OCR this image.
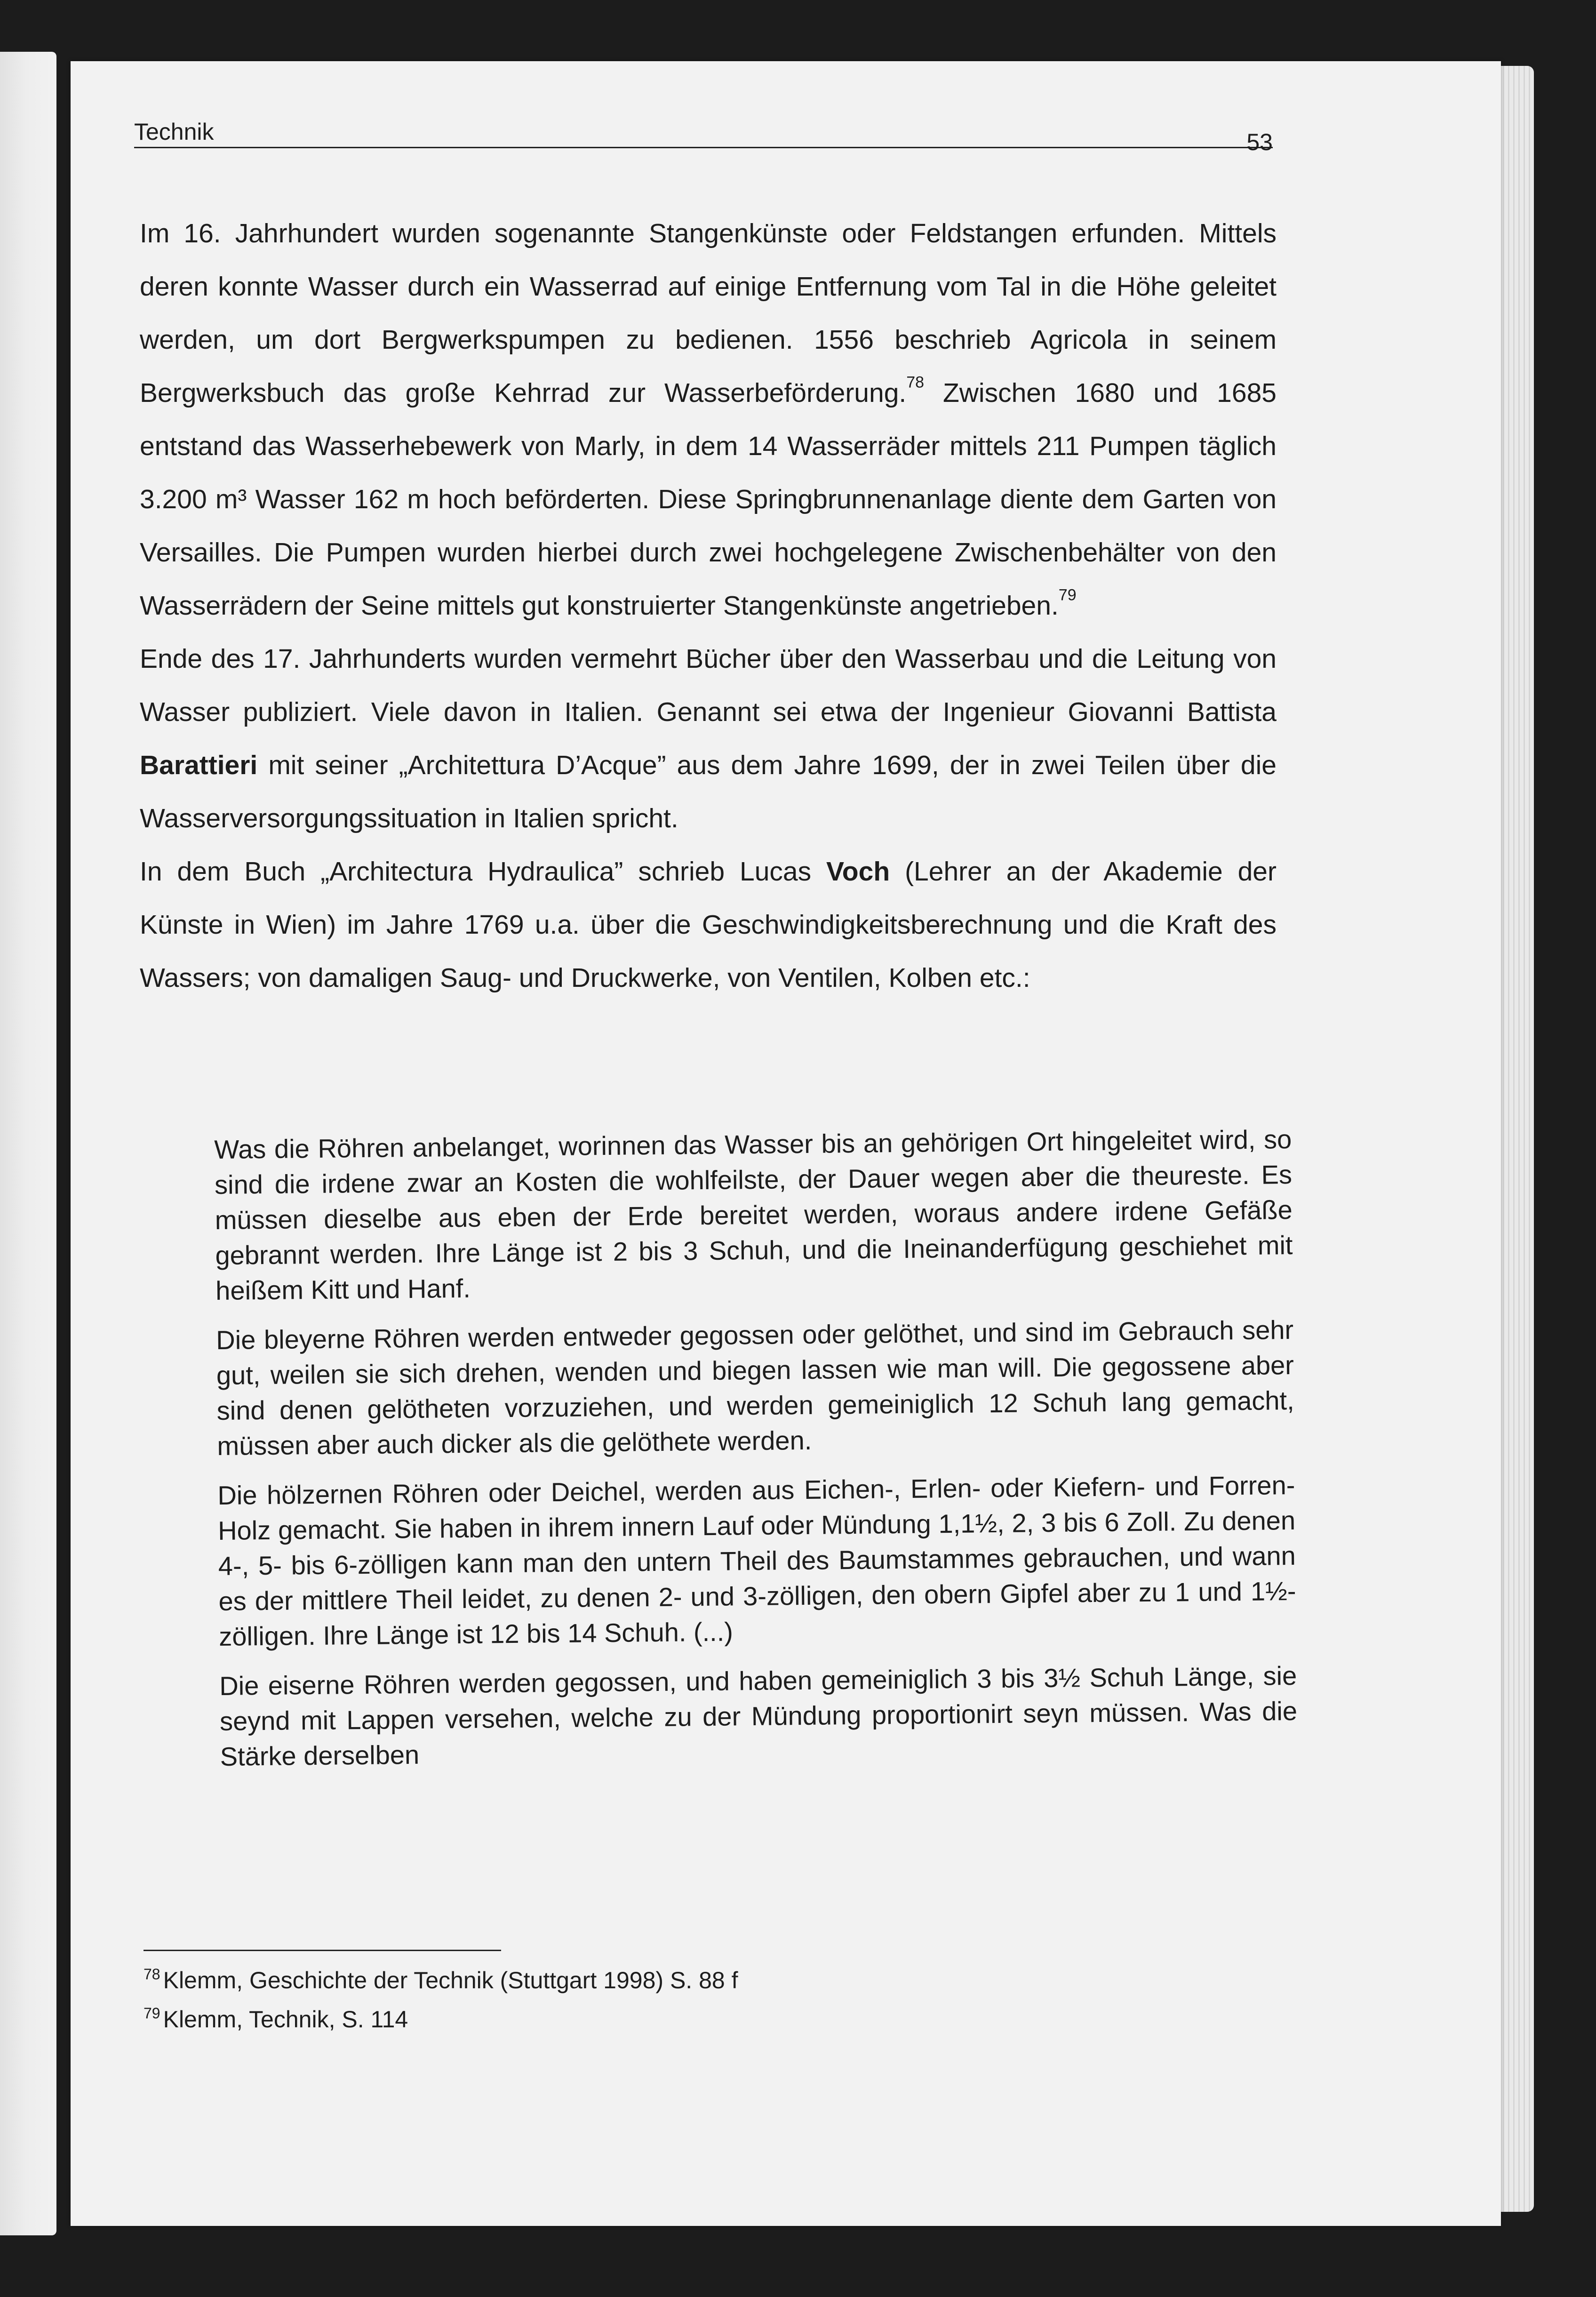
Technik	53

Im 16. Jahrhundert wurden sogenannte Stangenkünste oder Feldstangen erfunden. Mittels deren konnte Wasser durch ein Wasserrad auf einige Entfernung vom Tal in die Höhe geleitet werden, um dort Bergwerkspumpen zu bedienen. 1556 beschrieb Agricola in seinem Bergwerksbuch das große Kehrrad zur Wasserbeförderung.$^{78}$ Zwischen 1680 und 1685 entstand das Wasserhebewerk von Marly, in dem 14 Wasserräder mittels 211 Pumpen täglich 3.200 m³ Wasser 162 m hoch beförderten. Diese Springbrunnenanlage diente dem Garten von Versailles. Die Pumpen wurden hierbei durch zwei hochgelegene Zwischenbehälter von den Wasserrädern der Seine mittels gut konstruierter Stangenkünste angetrieben.$^{79}$

Ende des 17. Jahrhunderts wurden vermehrt Bücher über den Wasserbau und die Leitung von Wasser publiziert. Viele davon in Italien. Genannt sei etwa der Ingenieur Giovanni Battista Barattieri mit seiner „Architettura D’Acque” aus dem Jahre 1699, der in zwei Teilen über die Wasserversorgungssituation in Italien spricht.

In dem Buch „Architectura Hydraulica” schrieb Lucas Voch (Lehrer an der Akademie der Künste in Wien) im Jahre 1769 u.a. über die Geschwindigkeitsberechnung und die Kraft des Wassers; von damaligen Saug- und Druckwerke, von Ventilen, Kolben etc.:

Was die Röhren anbelanget, worinnen das Wasser bis an gehörigen Ort hingeleitet wird, so sind die irdene zwar an Kosten die wohlfeilste, der Dauer wegen aber die theureste. Es müssen dieselbe aus eben der Erde bereitet werden, woraus andere irdene Gefäße gebrannt werden. Ihre Länge ist 2 bis 3 Schuh, und die Ineinanderfügung geschiehet mit heißem Kitt und Hanf.

Die bleyerne Röhren werden entweder gegossen oder gelöthet, und sind im Gebrauch sehr gut, weilen sie sich drehen, wenden und biegen lassen wie man will. Die gegossene aber sind denen gelötheten vorzuziehen, und werden gemeiniglich 12 Schuh lang gemacht, müssen aber auch dicker als die gelöthete werden.

Die hölzernen Röhren oder Deichel, werden aus Eichen-, Erlen- oder Kiefern- und Forren-Holz gemacht. Sie haben in ihrem innern Lauf oder Mündung 1,1½, 2, 3 bis 6 Zoll. Zu denen 4-, 5- bis 6-zölligen kann man den untern Theil des Baumstammes gebrauchen, und wann es der mittlere Theil leidet, zu denen 2- und 3-zölligen, den obern Gipfel aber zu 1 und 1½-zölligen. Ihre Länge ist 12 bis 14 Schuh. (...)

Die eiserne Röhren werden gegossen, und haben gemeiniglich 3 bis 3½ Schuh Länge, sie seynd mit Lappen versehen, welche zu der Mündung proportionirt seyn müssen. Was die Stärke derselben

$^{78}$ Klemm, Geschichte der Technik (Stuttgart 1998) S. 88 f
$^{79}$ Klemm, Technik, S. 114
